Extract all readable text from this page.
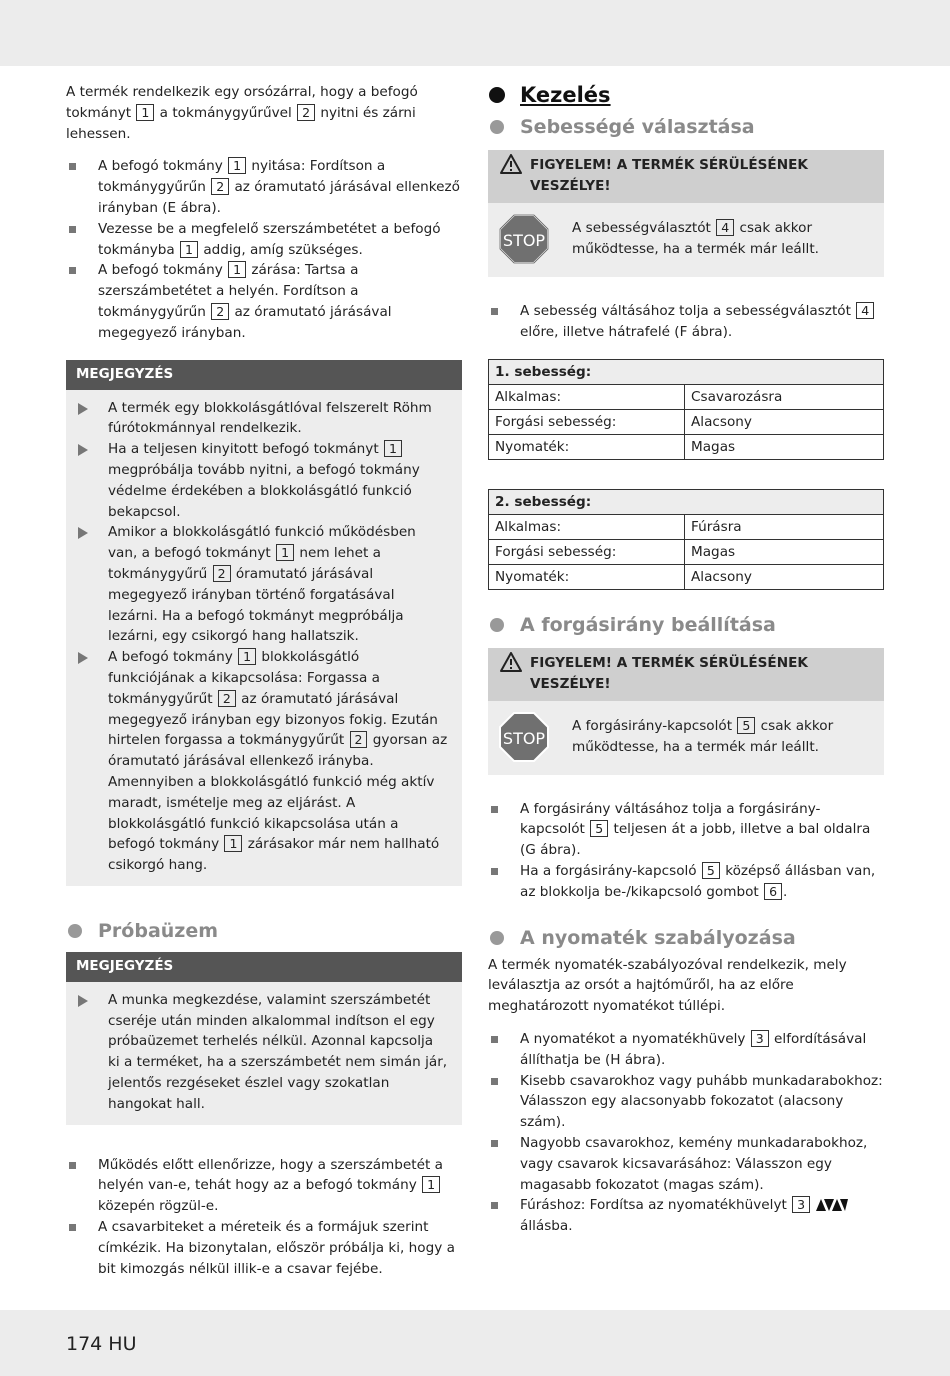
A termék rendelkezik egy orsózárral, hogy a befogó tokmányt 1 a tokmánygyűrűvel 2 nyitni és zárni lehessen.

A befogó tokmány 1 nyitása: Fordítson a tokmánygyűrűn 2 az óramutató járásával ellenkező irányban (E ábra).
Vezesse be a megfelelő szerszámbetétet a befogó tokmányba 1 addig, amíg szükséges.
A befogó tokmány 1 zárása: Tartsa a szerszámbetétet a helyén. Fordítson a tokmánygyűrűn 2 az óramutató járásával megegyező irányban.
MEGJEGYZÉS
A termék egy blokkolásgátlóval felszerelt Röhm fúrótokmánnyal rendelkezik.
Ha a teljesen kinyitott befogó tokmányt 1 megpróbálja tovább nyitni, a befogó tokmány védelme érdekében a blokkolásgátló funkció bekapcsol.
Amikor a blokkolásgátló funkció működésben van, a befogó tokmányt 1 nem lehet a tokmánygyűrű 2 óramutató járásával megegyező irányban történő forgatásával lezárni. Ha a befogó tokmányt megpróbálja lezárni, egy csikorgó hang hallatszik.
A befogó tokmány 1 blokkolásgátló funkciójának a kikapcsolása: Forgassa a tokmánygyűrűt 2 az óramutató járásával megegyező irányban egy bizonyos fokig. Ezután hirtelen forgassa a tokmánygyűrűt 2 gyorsan az óramutató járásával ellenkező irányba. Amennyiben a blokkolásgátló funkció még aktív maradt, ismételje meg az eljárást. A blokkolásgátló funkció kikapcsolása után a befogó tokmány 1 zárásakor már nem hallható csikorgó hang.
Próbaüzem
MEGJEGYZÉS
A munka megkezdése, valamint szerszámbetét cseréje után minden alkalommal indítson el egy próbaüzemet terhelés nélkül. Azonnal kapcsolja ki a terméket, ha a szerszámbetét nem simán jár, jelentős rezgéseket észlel vagy szokatlan hangokat hall.
Működés előtt ellenőrizze, hogy a szerszámbetét a helyén van-e, tehát hogy az a befogó tokmány 1 közepén rögzül-e.
A csavarbiteket a méreteik és a formájuk szerint címkézik. Ha bizonytalan, először próbálja ki, hogy a bit kimozgás nélkül illik-e a csavar fejébe.
Kezelés
Sebességé választása
FIGYELEM! A TERMÉK SÉRÜLÉSÉNEK VESZÉLYE!
STOP

A sebességválasztót 4 csak akkor működtesse, ha a termék már leállt.

A sebesség váltásához tolja a sebességválasztót 4 előre, illetve hátrafelé (F ábra).
1. sebesség:	
Alkalmas:	Csavarozásra
Forgási sebesség:	Alacsony
Nyomaték:	Magas
2. sebesség:	
Alkalmas:	Fúrásra
Forgási sebesség:	Magas
Nyomaték:	Alacsony
A forgásirány beállítása
FIGYELEM! A TERMÉK SÉRÜLÉSÉNEK VESZÉLYE!
STOP

A forgásirány-kapcsolót 5 csak akkor működtesse, ha a termék már leállt.

A forgásirány váltásához tolja a forgásirány-kapcsolót 5 teljesen át a jobb, illetve a bal oldalra (G ábra).
Ha a forgásirány-kapcsoló 5 középső állásban van, az blokkolja be-/kikapcsoló gombot 6 .
A nyomaték szabályozása

A termék nyomaték-szabályozóval rendelkezik, mely leválasztja az orsót a hajtóműről, ha az előre meghatározott nyomatékot túllépi.

A nyomatékot a nyomatékhüvely 3 elfordításával állíthatja be (H ábra).
Kisebb csavarokhoz vagy puhább munkadarabokhoz: Válasszon egy alacsonyabb fokozatot (alacsony szám).
Nagyobb csavarokhoz, kemény munkadarabokhoz, vagy csavarok kicsavarásához: Válasszon egy magasabb fokozatot (magas szám).
Fúráshoz: Fordítsa az nyomatékhüvelyt 3  állásba.
174 HU
